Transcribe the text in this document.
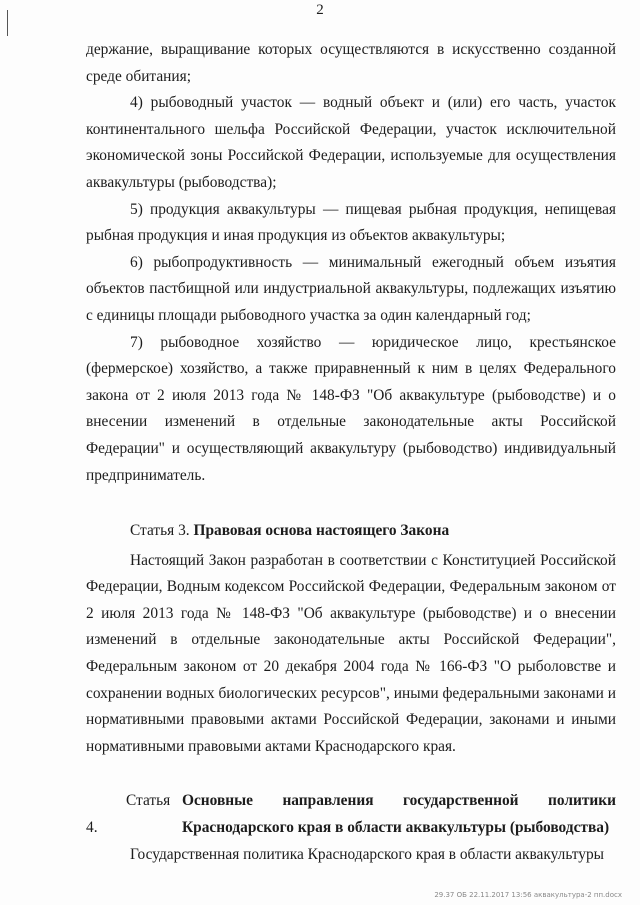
2

держание, выращивание которых осуществляются в искусственно созданной среде обитания;

4) рыбоводный участок — водный объект и (или) его часть, участок континентального шельфа Российской Федерации, участок исключительной экономической зоны Российской Федерации, используемые для осуществления аквакультуры (рыбоводства);

5) продукция аквакультуры — пищевая рыбная продукция, непищевая рыбная продукция и иная продукция из объектов аквакультуры;

6) рыбопродуктивность — минимальный ежегодный объем изъятия объектов пастбищной или индустриальной аквакультуры, подлежащих изъятию с единицы площади рыбоводного участка за один календарный год;

7) рыбоводное хозяйство — юридическое лицо, крестьянское (фермерское) хозяйство, а также приравненный к ним в целях Федерального закона от 2 июля 2013 года № 148-ФЗ "Об аквакультуре (рыбоводстве) и о внесении изменений в отдельные законодательные акты Российской Федерации" и осуществляющий аквакультуру (рыбоводство) индивидуальный предприниматель.

Статья 3. Правовая основа настоящего Закона

Настоящий Закон разработан в соответствии с Конституцией Российской Федерации, Водным кодексом Российской Федерации, Федеральным законом от 2 июля 2013 года № 148-ФЗ "Об аквакультуре (рыбоводстве) и о внесении изменений в отдельные законодательные акты Российской Федерации", Федеральным законом от 20 декабря 2004 года № 166-ФЗ "О рыболовстве и сохранении водных биологических ресурсов", иными федеральными законами и нормативными правовыми актами Российской Федерации, законами и иными нормативными правовыми актами Краснодарского края.

Статья 4.
Основные направления государственной политики Краснодарского края в области аквакультуры (рыбоводства)

Государственная политика Краснодарского края в области аквакультуры

29.37 ОБ 22.11.2017 13:56 аквакультура-2 пп.docx
